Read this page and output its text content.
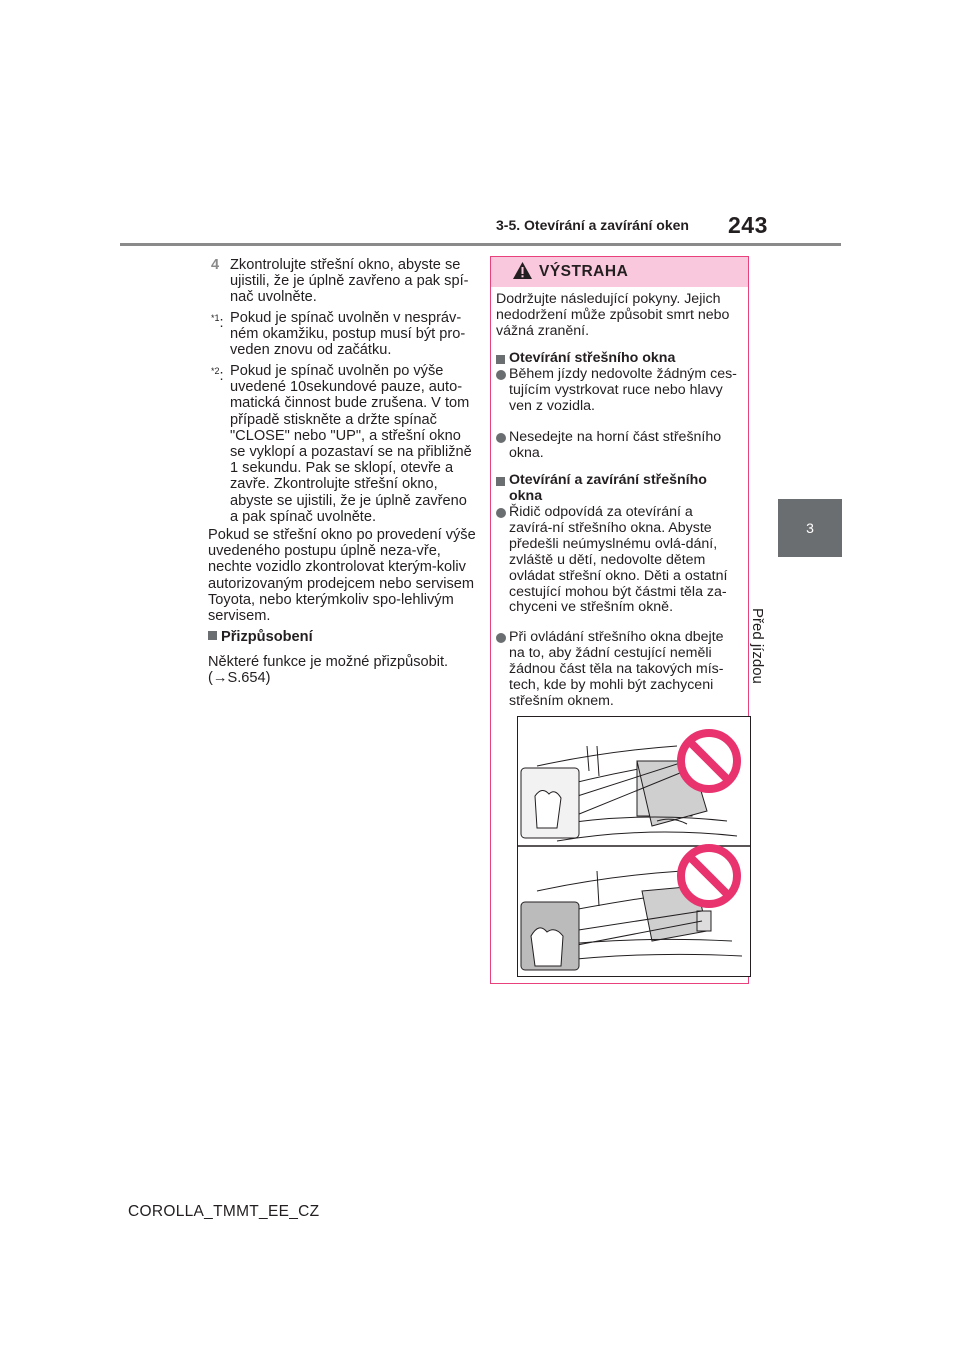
3-5. Otevírání a zavírání oken 243
3
Před jízdou
4 Zkontrolujte střešní okno, abyste se ujistili, že je úplně zavřeno a pak spí-nač uvolněte.
$^{*1}$: Pokud je spínač uvolněn v nespráv-ném okamžiku, postup musí být pro-veden znovu od začátku.
$^{*2}$: Pokud je spínač uvolněn po výše uvedené 10sekundové pauze, auto-matická činnost bude zrušena. V tom případě stiskněte a držte spínač "CLOSE" nebo "UP", a střešní okno se vyklopí a pozastaví se na přibližně 1 sekundu. Pak se sklopí, otevře a zavře. Zkontrolujte střešní okno, abyste se ujistili, že je úplně zavřeno a pak spínač uvolněte.
Pokud se střešní okno po provedení výše uvedeného postupu úplně neza-vře, nechte vozidlo zkontrolovat kterým-koliv autorizovaným prodejcem nebo servisem Toyota, nebo kterýmkoliv spo-lehlivým servisem.
Přizpůsobení
Některé funkce je možné přizpůsobit.
(→S.654)
VÝSTRAHA
Dodržujte následující pokyny. Jejich nedodržení může způsobit smrt nebo vážná zranění.
Otevírání střešního okna
Během jízdy nedovolte žádným ces-tujícím vystrkovat ruce nebo hlavy ven z vozidla.
Nesedejte na horní část střešního okna.
Otevírání a zavírání střešního okna
Řidič odpovídá za otevírání a zavírá-ní střešního okna. Abyste předešli neúmyslnému ovlá-dání, zvláště u dětí, nedovolte dětem ovládat střešní okno. Děti a ostatní cestující mohou být částmi těla za-chyceni ve střešním okně.
Při ovládání střešního okna dbejte na to, aby žádní cestující neměli žádnou část těla na takových mís-tech, kde by mohli být zachyceni střešním oknem.
COROLLA_TMMT_EE_CZ
